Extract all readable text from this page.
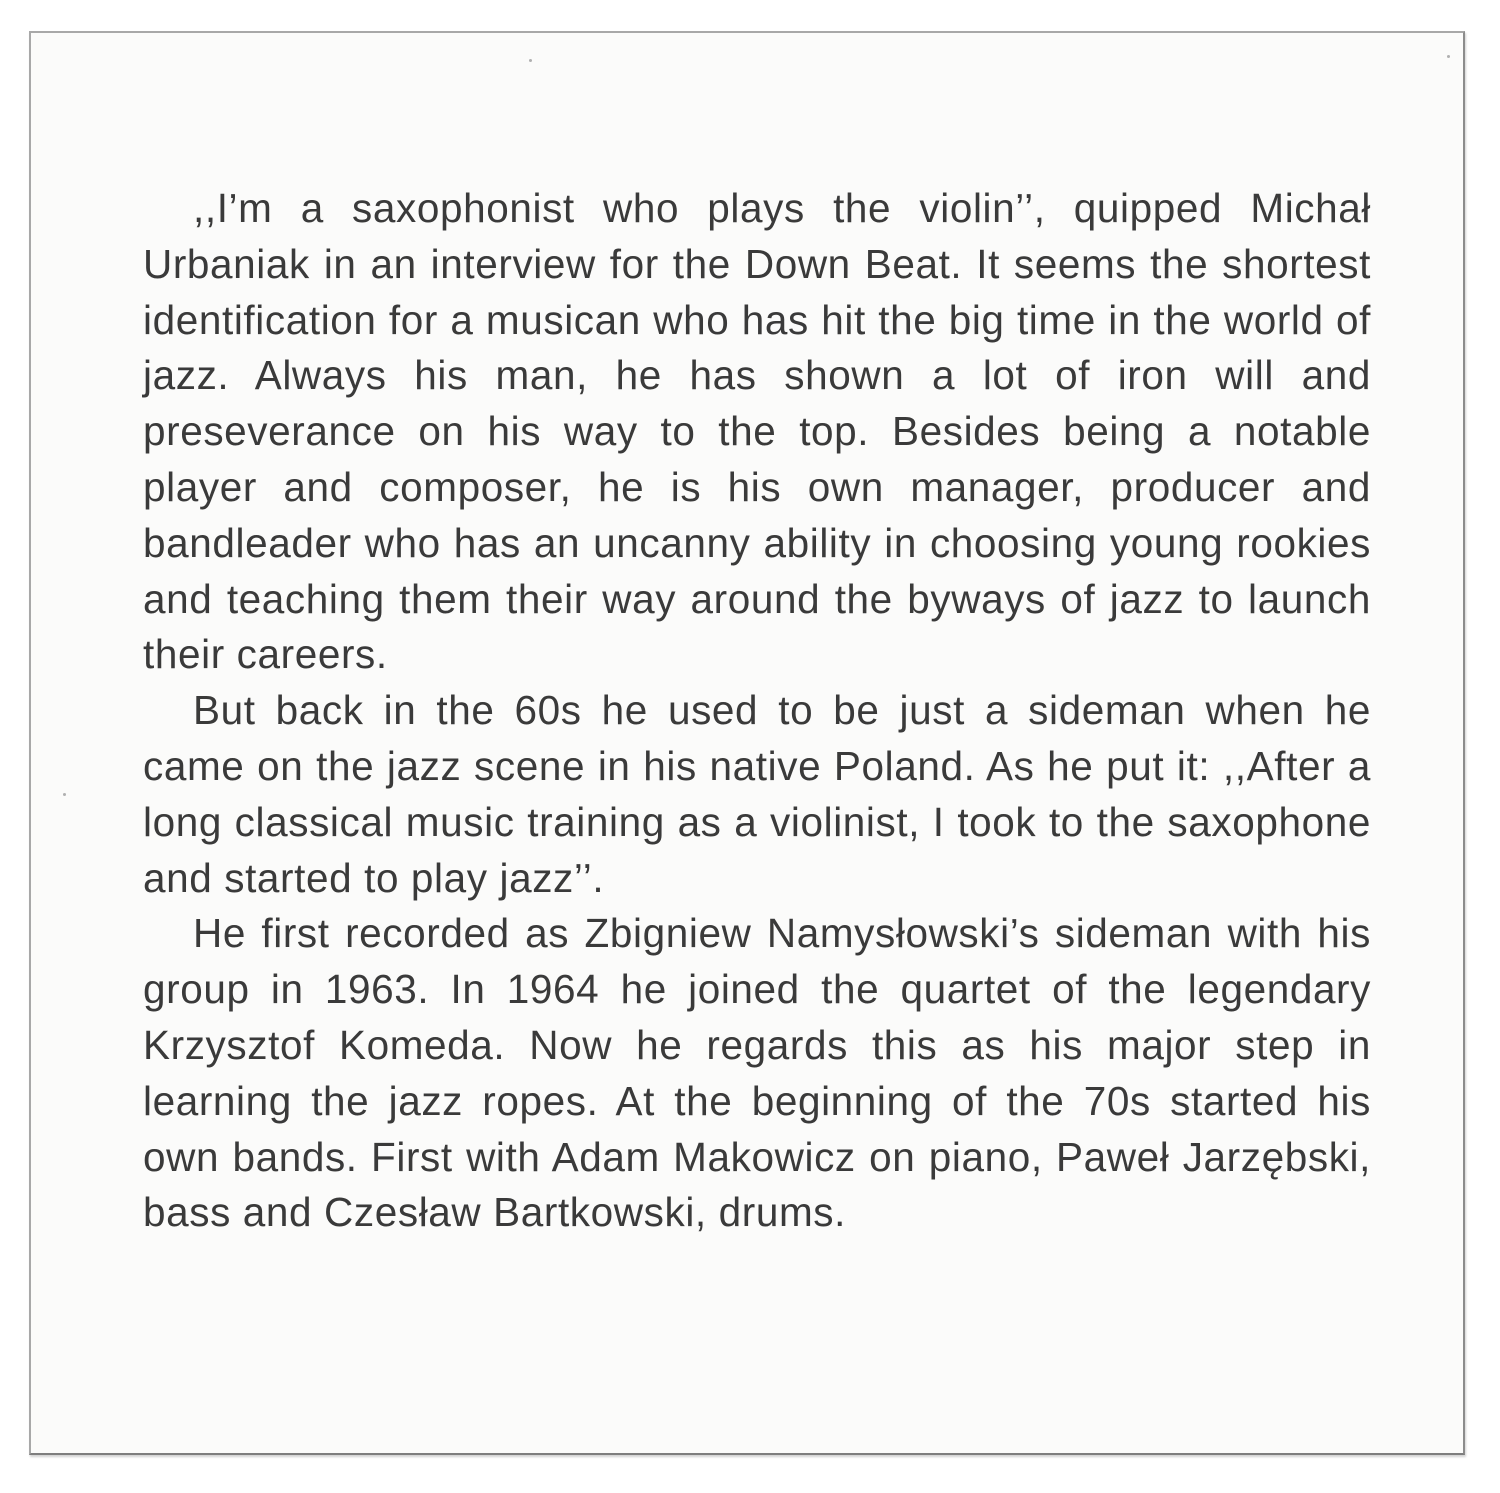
,,I’m a saxophonist who plays the violin’’, quipped Michał Urbaniak in an interview for the Down Beat. It seems the shortest identification for a musican who has hit the big time in the world of jazz. Always his man, he has shown a lot of iron will and preseverance on his way to the top. Besides being a notable player and composer, he is his own manager, producer and bandleader who has an uncanny ability in choosing young rookies and teaching them their way around the byways of jazz to launch their careers.

But back in the 60s he used to be just a sideman when he came on the jazz scene in his native Poland. As he put it: ,,After a long classical music training as a violinist, I took to the saxophone and started to play jazz’’.

He first recorded as Zbigniew Namysłowski’s sideman with his group in 1963. In 1964 he joined the quartet of the legendary Krzysztof Komeda. Now he regards this as his major step in learning the jazz ropes. At the beginning of the 70s started his own bands. First with Adam Makowicz on piano, Paweł Jarzębski, bass and Czesław Bartkowski, drums.
